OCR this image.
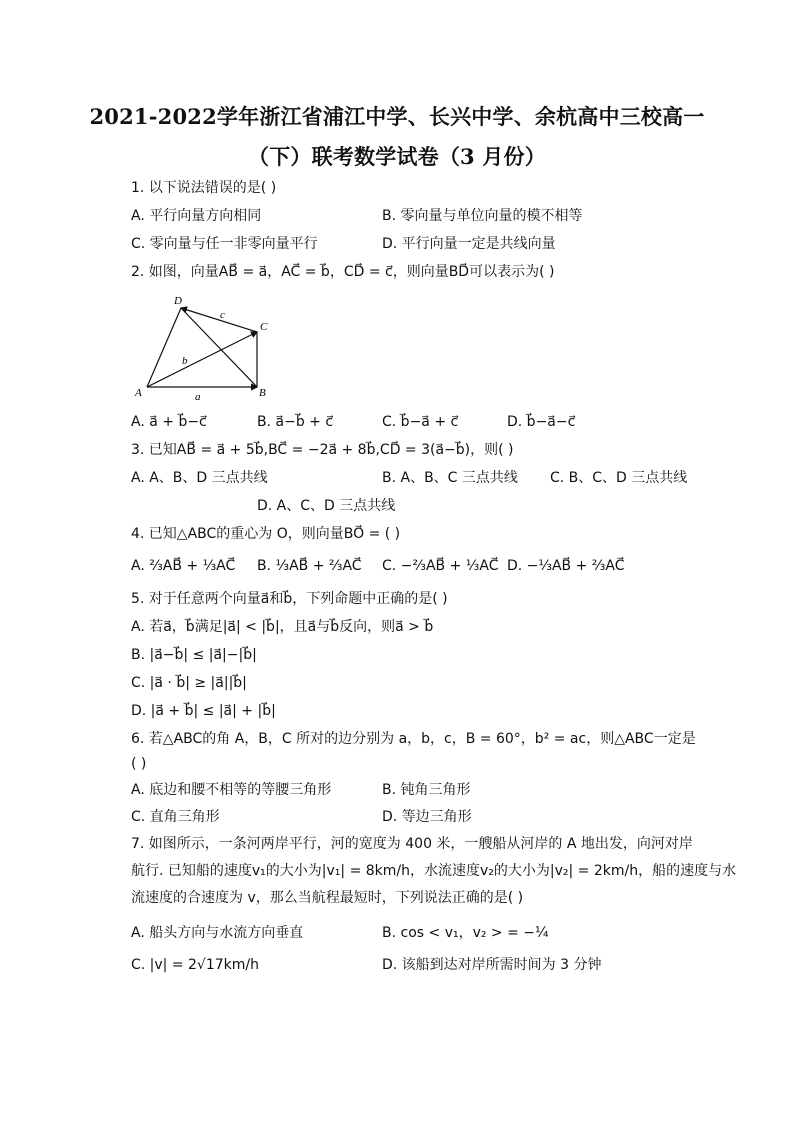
2021-2022学年浙江省浦江中学、长兴中学、余杭高中三校高一
（下）联考数学试卷（3 月份）
1. 以下说法错误的是( )
A. 平行向量方向相同	B. 零向量与单位向量的模不相等
C. 零向量与任一非零向量平行	D. 平行向量一定是共线向量
2. 如图，向量AB⃗ = a⃗，AC⃗ = b⃗，CD⃗ = c⃗，则向量BD⃗可以表示为( )
D
C
A	B
a⃗
b⃗
c⃗
A. a⃗ + b⃗−c⃗	B. a⃗−b⃗ + c⃗	C. b⃗−a⃗ + c⃗	D. b⃗−a⃗−c⃗
3. 已知AB⃗ = a⃗ + 5b⃗,BC⃗ = −2a⃗ + 8b⃗,CD⃗ = 3(a⃗−b⃗)，则( )
A. A、B、D 三点共线	B. A、B、C 三点共线 C. B、C、D 三点共线
D. A、C、D 三点共线
4. 已知△ABC的重心为 O，则向量BO⃗ = ( )
A. ⅔AB⃗ + ⅓AC⃗ B. ⅓AB⃗ + ⅔AC⃗ C. −⅔AB⃗ + ⅓AC⃗ D. −⅓AB⃗ + ⅔AC⃗
5. 对于任意两个向量a⃗和b⃗，下列命题中正确的是( )
A. 若a⃗，b⃗满足|a⃗| < |b⃗|，且a⃗与b⃗反向，则a⃗ > b⃗
B. |a⃗−b⃗| ≤ |a⃗|−|b⃗|
C. |a⃗ · b⃗| ≥ |a⃗||b⃗|
D. |a⃗ + b⃗| ≤ |a⃗| + |b⃗|
6. 若△ABC的角 A，B，C 所对的边分别为 a，b，c，B = 60°，b² = ac，则△ABC一定是
( )
A. 底边和腰不相等的等腰三角形	B. 钝角三角形
C. 直角三角形	D. 等边三角形
7. 如图所示，一条河两岸平行，河的宽度为 400 米，一艘船从河岸的 A 地出发，向河对岸
航行. 已知船的速度v₁的大小为|v₁| = 8km/h，水流速度v₂的大小为|v₂| = 2km/h，船的速度与水
流速度的合速度为 v，那么当航程最短时，下列说法正确的是( )
A. 船头方向与水流方向垂直	B. cos < v₁，v₂ > = −¼
C. |v| = 2√17km/h	D. 该船到达对岸所需时间为 3 分钟
